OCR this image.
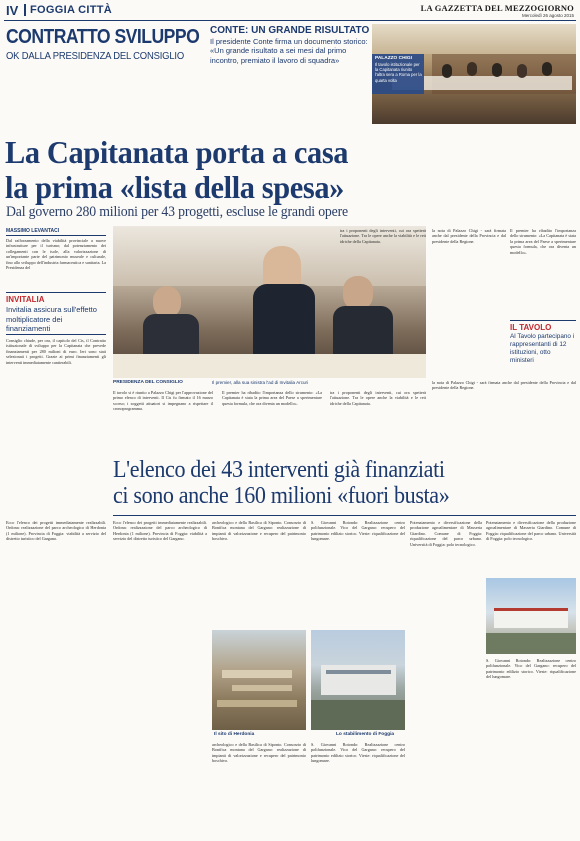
IV FOGGIA CITTÀ	LA GAZZETTA DEL MEZZOGIORNO
Mercoledì 26 agosto 2015
CONTRATTO SVILUPPO
OK DALLA PRESIDENZA DEL CONSIGLIO
CONTE: UN GRANDE RISULTATO
Il presidente Conte firma un documento storico: «Un grande risultato a sei mesi dal primo incontro, premiato il lavoro di squadra»	PALAZZO CHIGI
Il tavolo istituzionale per la Capitanata riunito l'altra sera a Roma per la quarta volta
La Capitanata porta a casa
la prima «lista della spesa»
Dal governo 280 milioni per 43 progetti, escluse le grandi opere
MASSIMO LEVANTACI
Dal rafforzamento della viabilità provinciale a nuove infrastrutture per il turismo; dal potenziamento dei collegamenti con le isole, alla valorizzazione di un'importante parte del patrimonio museale e culturale, fino allo sviluppo dell'industria farmaceutica e sanitaria. La Presidenza del
INVITALIA
Invitalia assicura sull'effetto moltiplicatore dei finanziamenti
PRESIDENZA DEL CONSIGLIO	Il premier, alla sua sinistra l'ad di Invitalia Arcuri
tra i proponenti degli interventi, cui ora spetterà l'attuazione. Tra le opere anche la viabilità e le reti idriche della Capitanata.
la nota di Palazzo Chigi - sarà firmata anche dal presidente della Provincia e dal presidente della Regione.
Il premier ha ribadito l'importanza dello strumento: «La Capitanata è stata la prima area del Paese a sperimentare questa formula, che ora diventa un modello».
IL TAVOLO
Al Tavolo partecipano i rappresentanti di 12 istituzioni, otto ministeri
Consiglio chiude, per ora, il capitolo del Cis, il Contratto istituzionale di sviluppo per la Capitanata che prevede finanziamenti per 280 milioni di euro. Ieri sono stati selezionati i progetti. Grazie ai primi finanziamenti gli interventi immediatamente cantierabili.
Il tavolo si è riunito a Palazzo Chigi per l'approvazione del primo elenco di interventi. Il Cis fu firmato il 16 marzo scorso; i soggetti attuatori si impegnano a rispettare il cronoprogramma.
Il premier ha ribadito l'importanza dello strumento: «La Capitanata è stata la prima area del Paese a sperimentare questa formula, che ora diventa un modello».
tra i proponenti degli interventi, cui ora spetterà l'attuazione. Tra le opere anche la viabilità e le reti idriche della Capitanata.
la nota di Palazzo Chigi - sarà firmata anche dal presidente della Provincia e dal presidente della Regione.
L'elenco dei 43 interventi già finanziati
ci sono anche 160 milioni «fuori busta»
Ecco l'elenco dei progetti immediatamente realizzabili. Ordona: realizzazione del parco archeologico di Herdonia (1 milione). Provincia di Foggia: viabilità a servizio del distretto turistico del Gargano.
Ecco l'elenco dei progetti immediatamente realizzabili. Ordona: realizzazione del parco archeologico di Herdonia (1 milione). Provincia di Foggia: viabilità a servizio del distretto turistico del Gargano.
archeologico e della Basilica di Siponto. Consorzio di Bonifica montana del Gargano: realizzazione di impianti di valorizzazione e recupero del patrimonio boschivo.
S. Giovanni Rotondo: Realizzazione centro polifunzionale. Vico del Gargano: recupero del patrimonio edilizio storico. Vieste: riqualificazione del lungomare.
Potenziamento e diversificazione della produzione agroalimentare di Masseria Giardino. Comune di Foggia: riqualificazione del parco urbano. Università di Foggia: polo tecnologico.
Il sito di Herdonia	Lo stabilimento di Foggia
Potenziamento e diversificazione della produzione agroalimentare di Masseria Giardino. Comune di Foggia: riqualificazione del parco urbano. Università di Foggia: polo tecnologico.
S. Giovanni Rotondo: Realizzazione centro polifunzionale. Vico del Gargano: recupero del patrimonio edilizio storico. Vieste: riqualificazione del lungomare.
archeologico e della Basilica di Siponto. Consorzio di Bonifica montana del Gargano: realizzazione di impianti di valorizzazione e recupero del patrimonio boschivo.
S. Giovanni Rotondo: Realizzazione centro polifunzionale. Vico del Gargano: recupero del patrimonio edilizio storico. Vieste: riqualificazione del lungomare.
